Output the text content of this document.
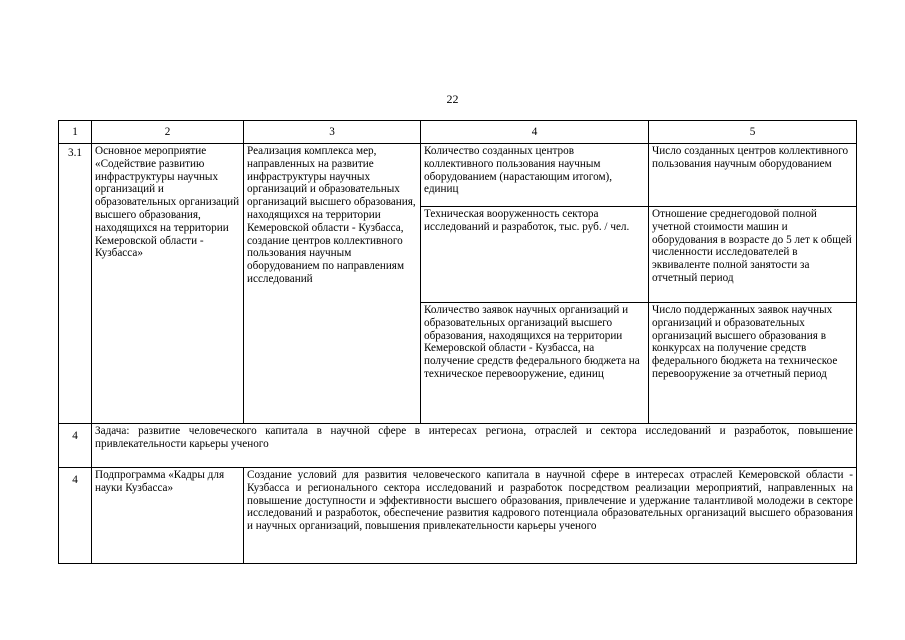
22
1	2	3	4	5
3.1	Основное мероприятие «Содействие развитию инфраструктуры научных организаций и образовательных организаций высшего образования, находящихся на территории Кемеровской области - Кузбасса»	Реализация комплекса мер, направленных на развитие инфраструктуры научных организаций и образовательных организаций высшего образования, находящихся на территории Кемеровской области - Кузбасса, создание центров коллективного пользования научным оборудованием по направлениям исследований	Количество созданных центров коллективного пользования научным оборудованием (нарастающим итогом), единиц	Число созданных центров коллективного пользования научным оборудованием
			Техническая вооруженность сектора исследований и разработок, тыс. руб. / чел.	Отношение среднегодовой полной учетной стоимости машин и оборудования в возрасте до 5 лет к общей численности исследователей в эквиваленте полной занятости за отчетный период
			Количество заявок научных организаций и образовательных организаций высшего образования, находящихся на территории Кемеровской области - Кузбасса, на получение средств федерального бюджета на техническое перевооружение, единиц	Число поддержанных заявок научных организаций и образовательных организаций высшего образования в конкурсах на получение средств федерального бюджета на техническое перевооружение за отчетный период
4	Задача: развитие человеческого капитала в научной сфере в интересах региона, отраслей и сектора исследований и разработок, повышение привлекательности карьеры ученого			
4	Подпрограмма «Кадры для науки Кузбасса»	Создание условий для развития человеческого капитала в научной сфере в интересах отраслей Кемеровской области - Кузбасса и регионального сектора исследований и разработок посредством реализации мероприятий, направленных на повышение доступности и эффективности высшего образования, привлечение и удержание талантливой молодежи в секторе исследований и разработок, обеспечение развития кадрового потенциала образовательных организаций высшего образования и научных организаций, повышения привлекательности карьеры ученого		
